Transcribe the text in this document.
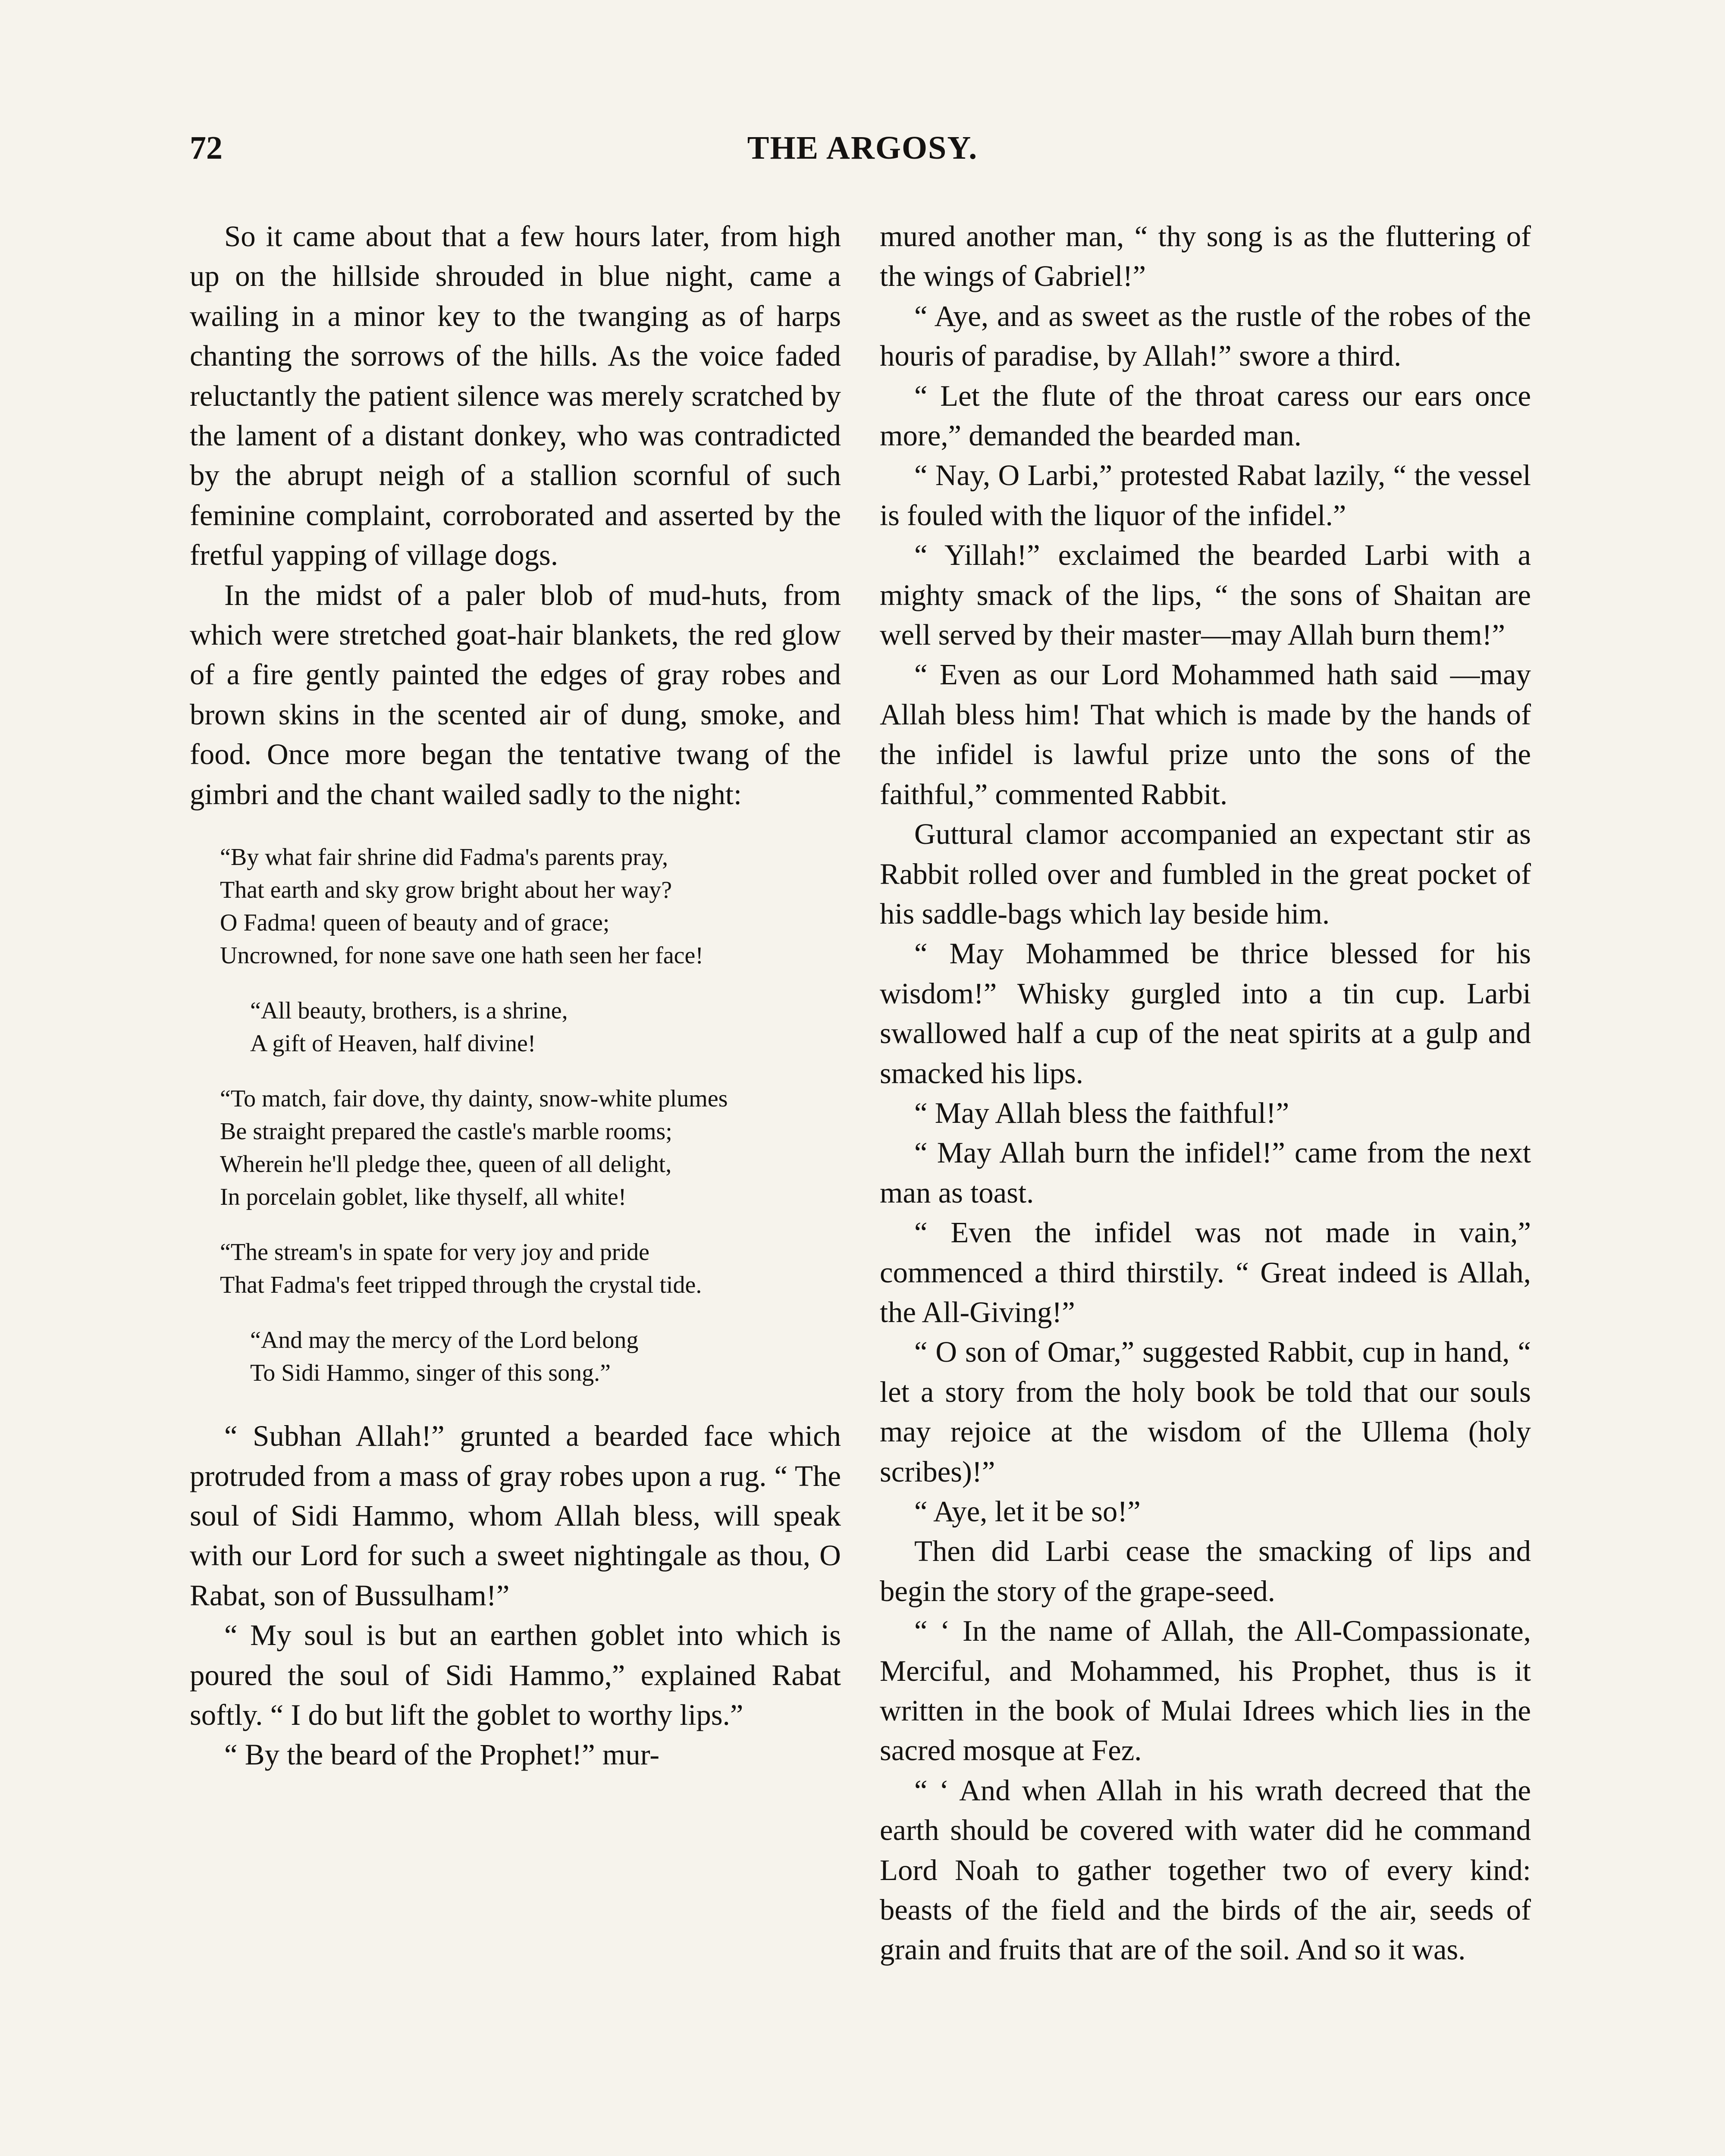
72	THE ARGOSY.

So it came about that a few hours later, from high up on the hillside shrouded in blue night, came a wailing in a minor key to the twanging as of harps chanting the sorrows of the hills. As the voice faded reluctantly the patient silence was merely scratched by the lament of a distant donkey, who was contradicted by the abrupt neigh of a stallion scornful of such feminine complaint, corroborated and asserted by the fretful yapping of village dogs.

In the midst of a paler blob of mud-huts, from which were stretched goat-hair blankets, the red glow of a fire gently painted the edges of gray robes and brown skins in the scented air of dung, smoke, and food. Once more began the tentative twang of the gimbri and the chant wailed sadly to the night:

“By what fair shrine did Fadma's parents pray,

That earth and sky grow bright about her way?

O Fadma! queen of beauty and of grace;

Uncrowned, for none save one hath seen her face!

“All beauty, brothers, is a shrine,

A gift of Heaven, half divine!

“To match, fair dove, thy dainty, snow-white plumes

Be straight prepared the castle's marble rooms;

Wherein he'll pledge thee, queen of all delight,

In porcelain goblet, like thyself, all white!

“The stream's in spate for very joy and pride

That Fadma's feet tripped through the crystal tide.

“And may the mercy of the Lord belong

To Sidi Hammo, singer of this song.”

“ Subhan Allah!” grunted a bearded face which protruded from a mass of gray robes upon a rug. “ The soul of Sidi Hammo, whom Allah bless, will speak with our Lord for such a sweet nightingale as thou, O Rabat, son of Bussulham!”

“ My soul is but an earthen goblet into which is poured the soul of Sidi Hammo,” explained Rabat softly. “ I do but lift the goblet to worthy lips.”

“ By the beard of the Prophet!” mur-

mured another man, “ thy song is as the fluttering of the wings of Gabriel!”

“ Aye, and as sweet as the rustle of the robes of the houris of paradise, by Allah!” swore a third.

“ Let the flute of the throat caress our ears once more,” demanded the bearded man.

“ Nay, O Larbi,” protested Rabat lazily, “ the vessel is fouled with the liquor of the infidel.”

“ Yillah!” exclaimed the bearded Larbi with a mighty smack of the lips, “ the sons of Shaitan are well served by their master—may Allah burn them!”

“ Even as our Lord Mohammed hath said —may Allah bless him! That which is made by the hands of the infidel is lawful prize unto the sons of the faithful,” commented Rabbit.

Guttural clamor accompanied an expectant stir as Rabbit rolled over and fumbled in the great pocket of his saddle-bags which lay beside him.

“ May Mohammed be thrice blessed for his wisdom!” Whisky gurgled into a tin cup. Larbi swallowed half a cup of the neat spirits at a gulp and smacked his lips.

“ May Allah bless the faithful!”

“ May Allah burn the infidel!” came from the next man as toast.

“ Even the infidel was not made in vain,” commenced a third thirstily. “ Great indeed is Allah, the All-Giving!”

“ O son of Omar,” suggested Rabbit, cup in hand, “ let a story from the holy book be told that our souls may rejoice at the wisdom of the Ullema (holy scribes)!”

“ Aye, let it be so!”

Then did Larbi cease the smacking of lips and begin the story of the grape-seed.

“ ‘ In the name of Allah, the All-Compassionate, Merciful, and Mohammed, his Prophet, thus is it written in the book of Mulai Idrees which lies in the sacred mosque at Fez.

“ ‘ And when Allah in his wrath decreed that the earth should be covered with water did he command Lord Noah to gather together two of every kind: beasts of the field and the birds of the air, seeds of grain and fruits that are of the soil. And so it was.
